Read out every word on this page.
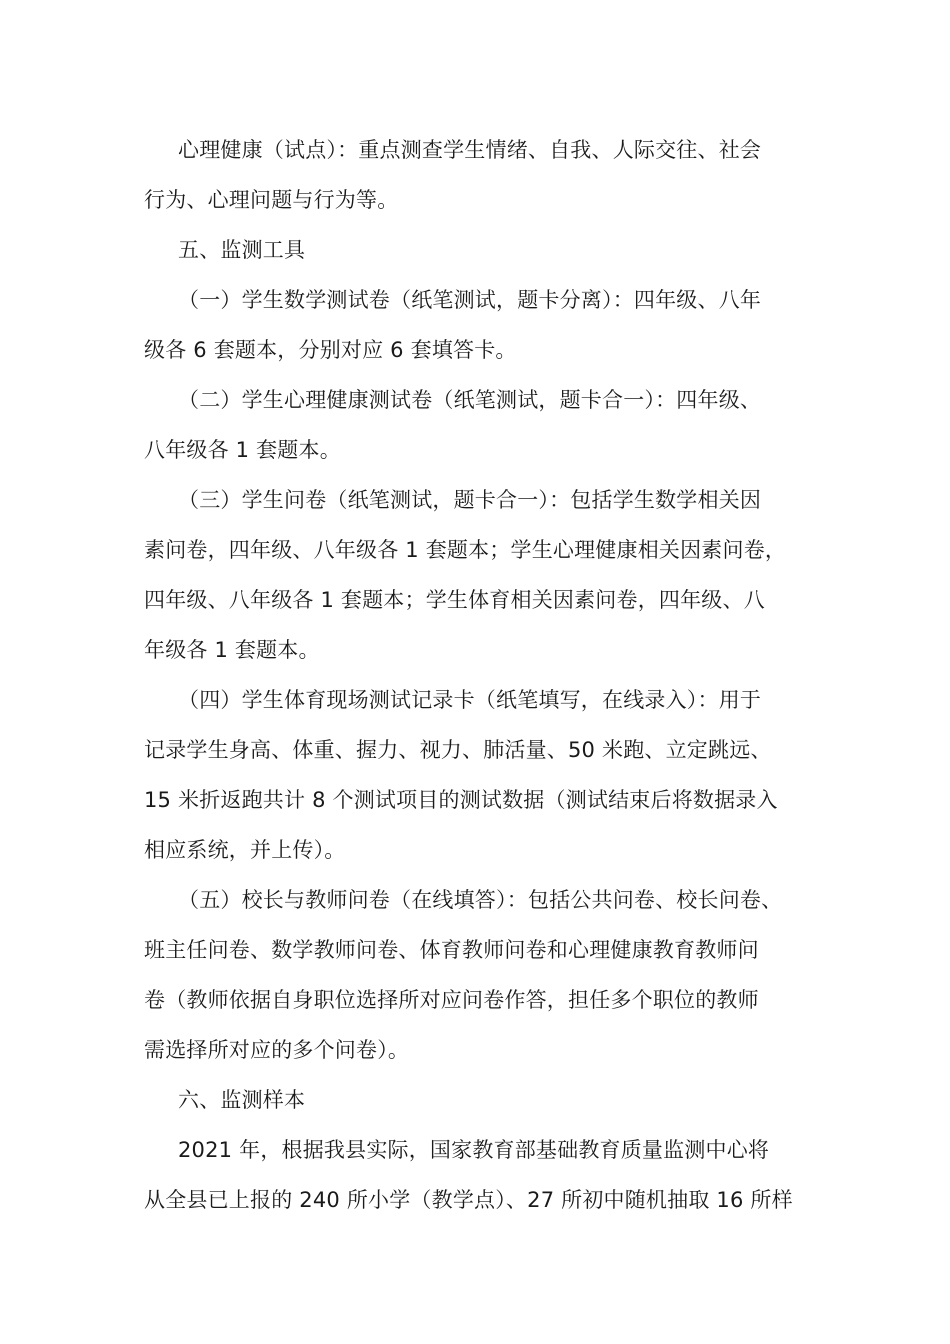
心理健康（试点）：重点测查学生情绪、自我、人际交往、社会
行为、心理问题与行为等。
五、监测工具
（一）学生数学测试卷（纸笔测试，题卡分离）：四年级、八年
级各 6 套题本，分别对应 6 套填答卡。
（二）学生心理健康测试卷（纸笔测试，题卡合一）：四年级、
八年级各 1 套题本。
（三）学生问卷（纸笔测试，题卡合一）：包括学生数学相关因
素问卷，四年级、八年级各 1 套题本；学生心理健康相关因素问卷，
四年级、八年级各 1 套题本；学生体育相关因素问卷，四年级、八
年级各 1 套题本。
（四）学生体育现场测试记录卡（纸笔填写，在线录入）：用于
记录学生身高、体重、握力、视力、肺活量、50 米跑、立定跳远、
15 米折返跑共计 8 个测试项目的测试数据（测试结束后将数据录入
相应系统，并上传）。
（五）校长与教师问卷（在线填答）：包括公共问卷、校长问卷、
班主任问卷、数学教师问卷、体育教师问卷和心理健康教育教师问
卷（教师依据自身职位选择所对应问卷作答，担任多个职位的教师
需选择所对应的多个问卷）。
六、监测样本
2021 年，根据我县实际，国家教育部基础教育质量监测中心将
从全县已上报的 240 所小学（教学点）、27 所初中随机抽取 16 所样
